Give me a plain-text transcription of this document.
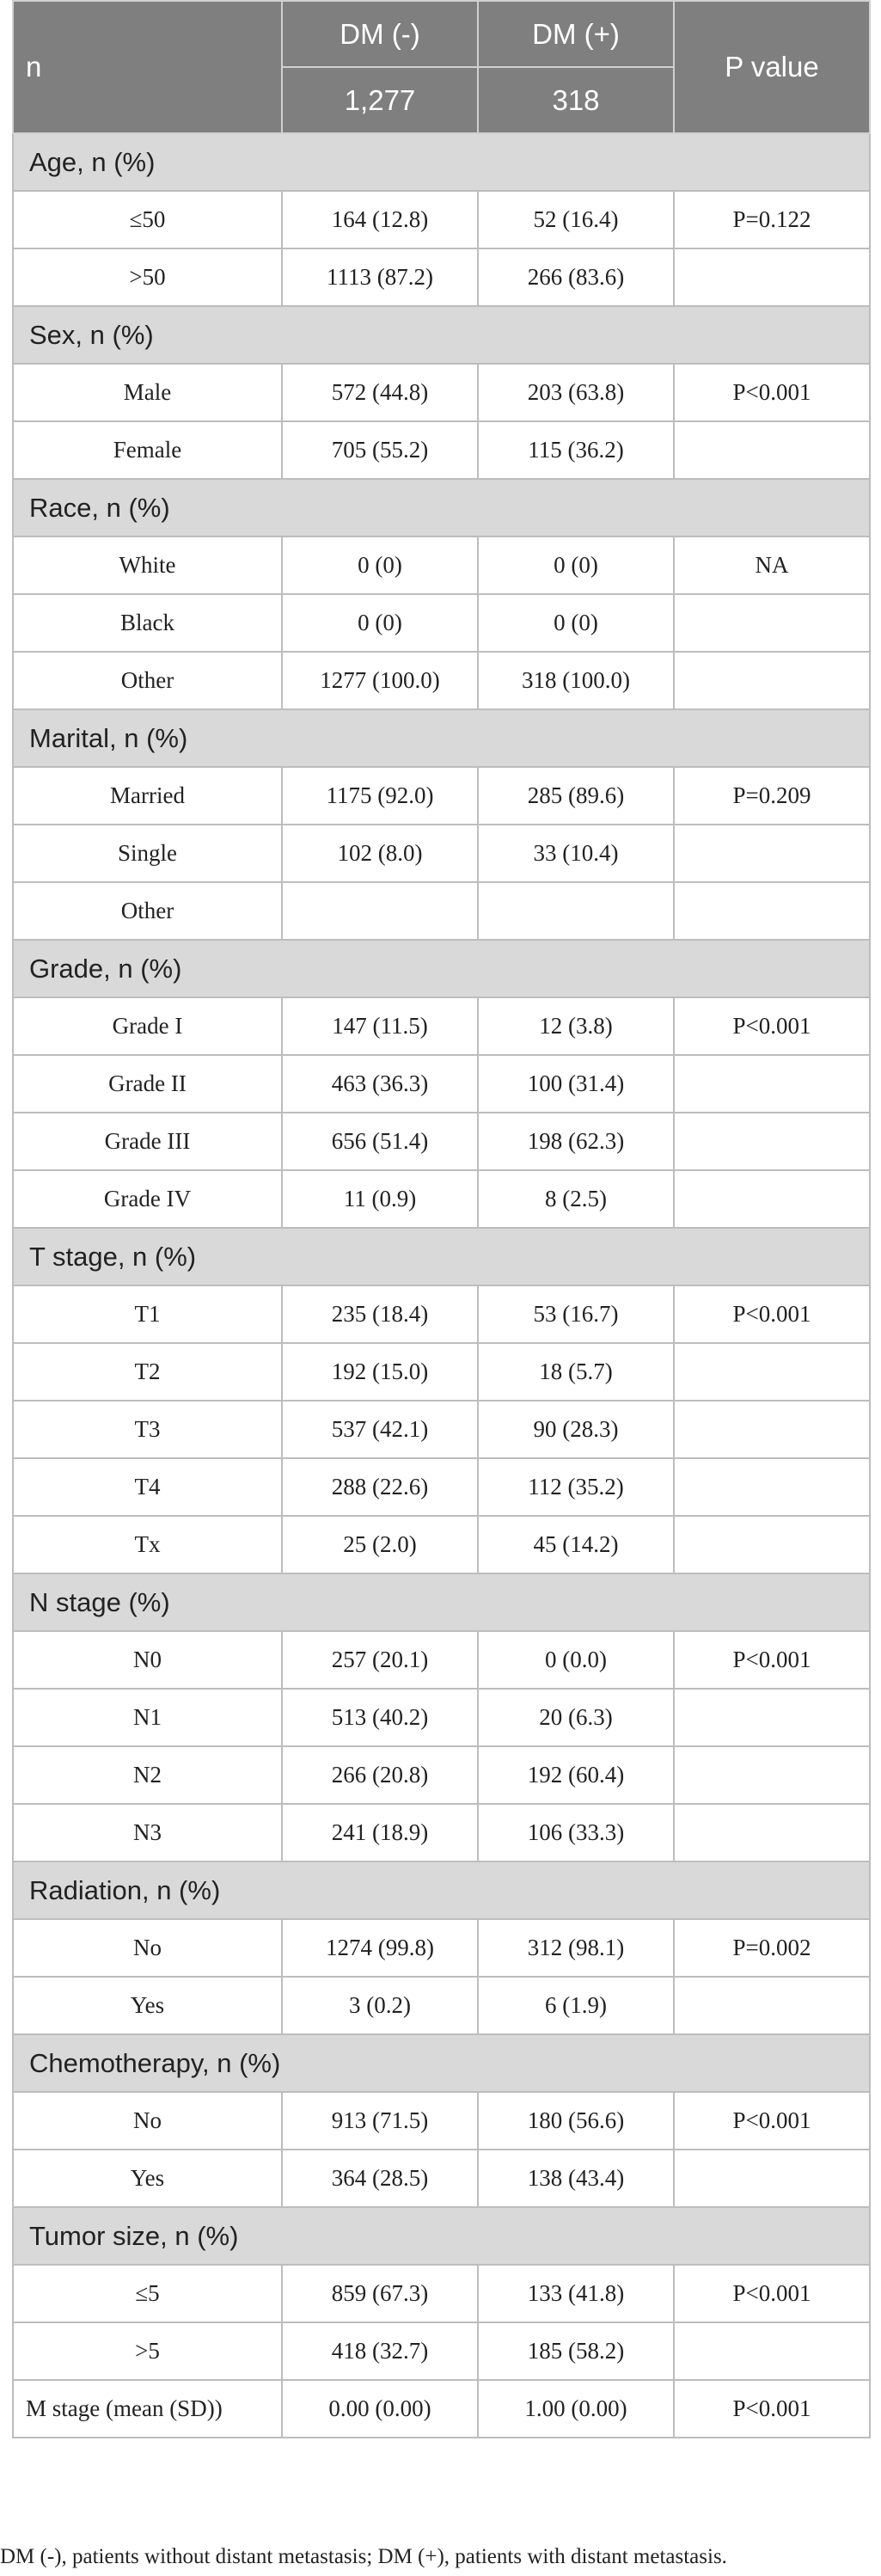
n	DM (-)	DM (+)	P value
	1,277	318	
Age, n (%)			
≤50	164 (12.8)	52 (16.4)	P=0.122
>50	1113 (87.2)	266 (83.6)	
Sex, n (%)			
Male	572 (44.8)	203 (63.8)	P<0.001
Female	705 (55.2)	115 (36.2)	
Race, n (%)			
White	0 (0)	0 (0)	NA
Black	0 (0)	0 (0)	
Other	1277 (100.0)	318 (100.0)	
Marital, n (%)			
Married	1175 (92.0)	285 (89.6)	P=0.209
Single	102 (8.0)	33 (10.4)	
Other			
Grade, n (%)			
Grade I	147 (11.5)	12 (3.8)	P<0.001
Grade II	463 (36.3)	100 (31.4)	
Grade III	656 (51.4)	198 (62.3)	
Grade IV	11 (0.9)	8 (2.5)	
T stage, n (%)			
T1	235 (18.4)	53 (16.7)	P<0.001
T2	192 (15.0)	18 (5.7)	
T3	537 (42.1)	90 (28.3)	
T4	288 (22.6)	112 (35.2)	
Tx	25 (2.0)	45 (14.2)	
N stage (%)			
N0	257 (20.1)	0 (0.0)	P<0.001
N1	513 (40.2)	20 (6.3)	
N2	266 (20.8)	192 (60.4)	
N3	241 (18.9)	106 (33.3)	
Radiation, n (%)			
No	1274 (99.8)	312 (98.1)	P=0.002
Yes	3 (0.2)	6 (1.9)	
Chemotherapy, n (%)			
No	913 (71.5)	180 (56.6)	P<0.001
Yes	364 (28.5)	138 (43.4)	
Tumor size, n (%)			
≤5	859 (67.3)	133 (41.8)	P<0.001
>5	418 (32.7)	185 (58.2)	
M stage (mean (SD))	0.00 (0.00)	1.00 (0.00)	P<0.001
DM (-), patients without distant metastasis; DM (+), patients with distant metastasis.
